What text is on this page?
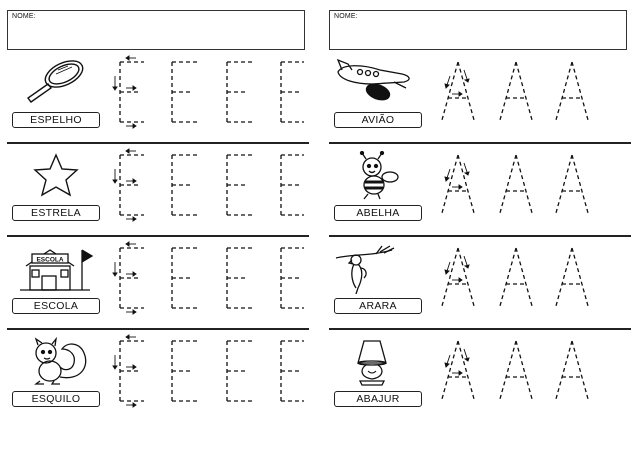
NOME:
ESPELHO
ESTRELA
ESCOLA
ESCOLA
ESQUILO
NOME:
AVIÃO
ABELHA
ARARA
ABAJUR
